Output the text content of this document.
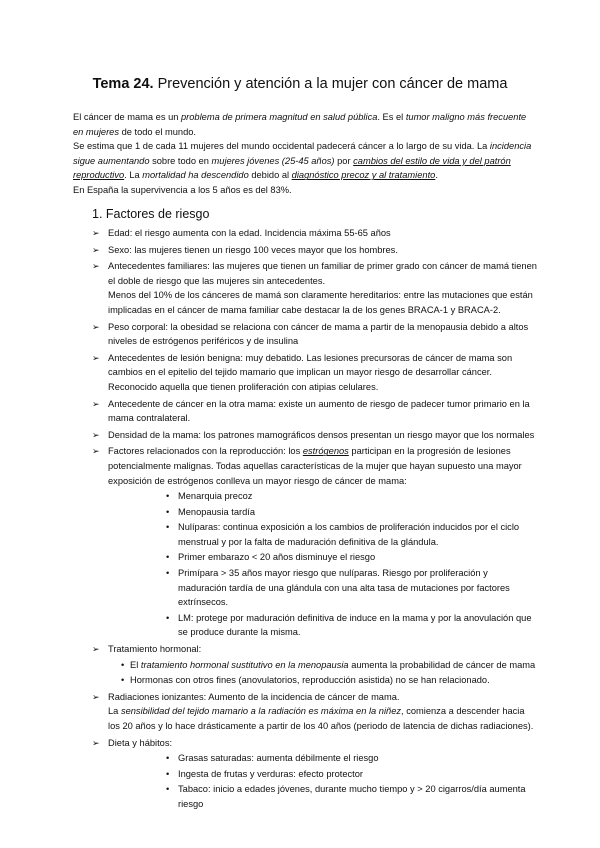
Tema 24. Prevención y atención a la mujer con cáncer de mama

El cáncer de mama es un problema de primera magnitud en salud pública. Es el tumor maligno más frecuente en mujeres de todo el mundo.

Se estima que 1 de cada 11 mujeres del mundo occidental padecerá cáncer a lo largo de su vida. La incidencia sigue aumentando sobre todo en mujeres jóvenes (25-45 años) por cambios del estilo de vida y del patrón reproductivo. La mortalidad ha descendido debido al diagnóstico precoz y al tratamiento.

En España la supervivencia a los 5 años es del 83%.

1. Factores de riesgo
➢ Edad: el riesgo aumenta con la edad. Incidencia máxima 55-65 años
➢ Sexo: las mujeres tienen un riesgo 100 veces mayor que los hombres.
➢ Antecedentes familiares: las mujeres que tienen un familiar de primer grado con cáncer de mamá tienen el doble de riesgo que las mujeres sin antecedentes.

Menos del 10% de los cánceres de mamá son claramente hereditarios: entre las mutaciones que están implicadas en el cáncer de mama familiar cabe destacar la de los genes BRACA-1 y BRACA-2.

➢ Peso corporal: la obesidad se relaciona con cáncer de mama a partir de la menopausia debido a altos niveles de estrógenos periféricos y de insulina
➢ Antecedentes de lesión benigna: muy debatido. Las lesiones precursoras de cáncer de mama son cambios en el epitelio del tejido mamario que implican un mayor riesgo de desarrollar cáncer. Reconocido aquella que tienen proliferación con atipias celulares.
➢ Antecedente de cáncer en la otra mama: existe un aumento de riesgo de padecer tumor primario en la mama contralateral.
➢ Densidad de la mama: los patrones mamográficos densos presentan un riesgo mayor que los normales
➢ Factores relacionados con la reproducción: los estrógenos participan en la progresión de lesiones potencialmente malignas. Todas aquellas características de la mujer que hayan supuesto una mayor exposición de estrógenos conlleva un mayor riesgo de cáncer de mama:
• Menarquia precoz
• Menopausia tardía
• Nulíparas: continua exposición a los cambios de proliferación inducidos por el ciclo menstrual y por la falta de maduración definitiva de la glándula.
• Primer embarazo < 20 años disminuye el riesgo
• Primípara > 35 años mayor riesgo que nulíparas. Riesgo por proliferación y maduración tardía de una glándula con una alta tasa de mutaciones por factores extrínsecos.
• LM: protege por maduración definitiva de induce en la mama y por la anovulación que se produce durante la misma.
➢ Tratamiento hormonal:
• El tratamiento hormonal sustitutivo en la menopausia aumenta la probabilidad de cáncer de mama
• Hormonas con otros fines (anovulatorios, reproducción asistida) no se han relacionado.
➢ Radiaciones ionizantes: Aumento de la incidencia de cáncer de mama.

La sensibilidad del tejido mamario a la radiación es máxima en la niñez, comienza a descender hacia los 20 años y lo hace drásticamente a partir de los 40 años (periodo de latencia de dichas radiaciones).

➢ Dieta y hábitos:
• Grasas saturadas: aumenta débilmente el riesgo
• Ingesta de frutas y verduras: efecto protector
• Tabaco: inicio a edades jóvenes, durante mucho tiempo y > 20 cigarros/día aumenta riesgo
